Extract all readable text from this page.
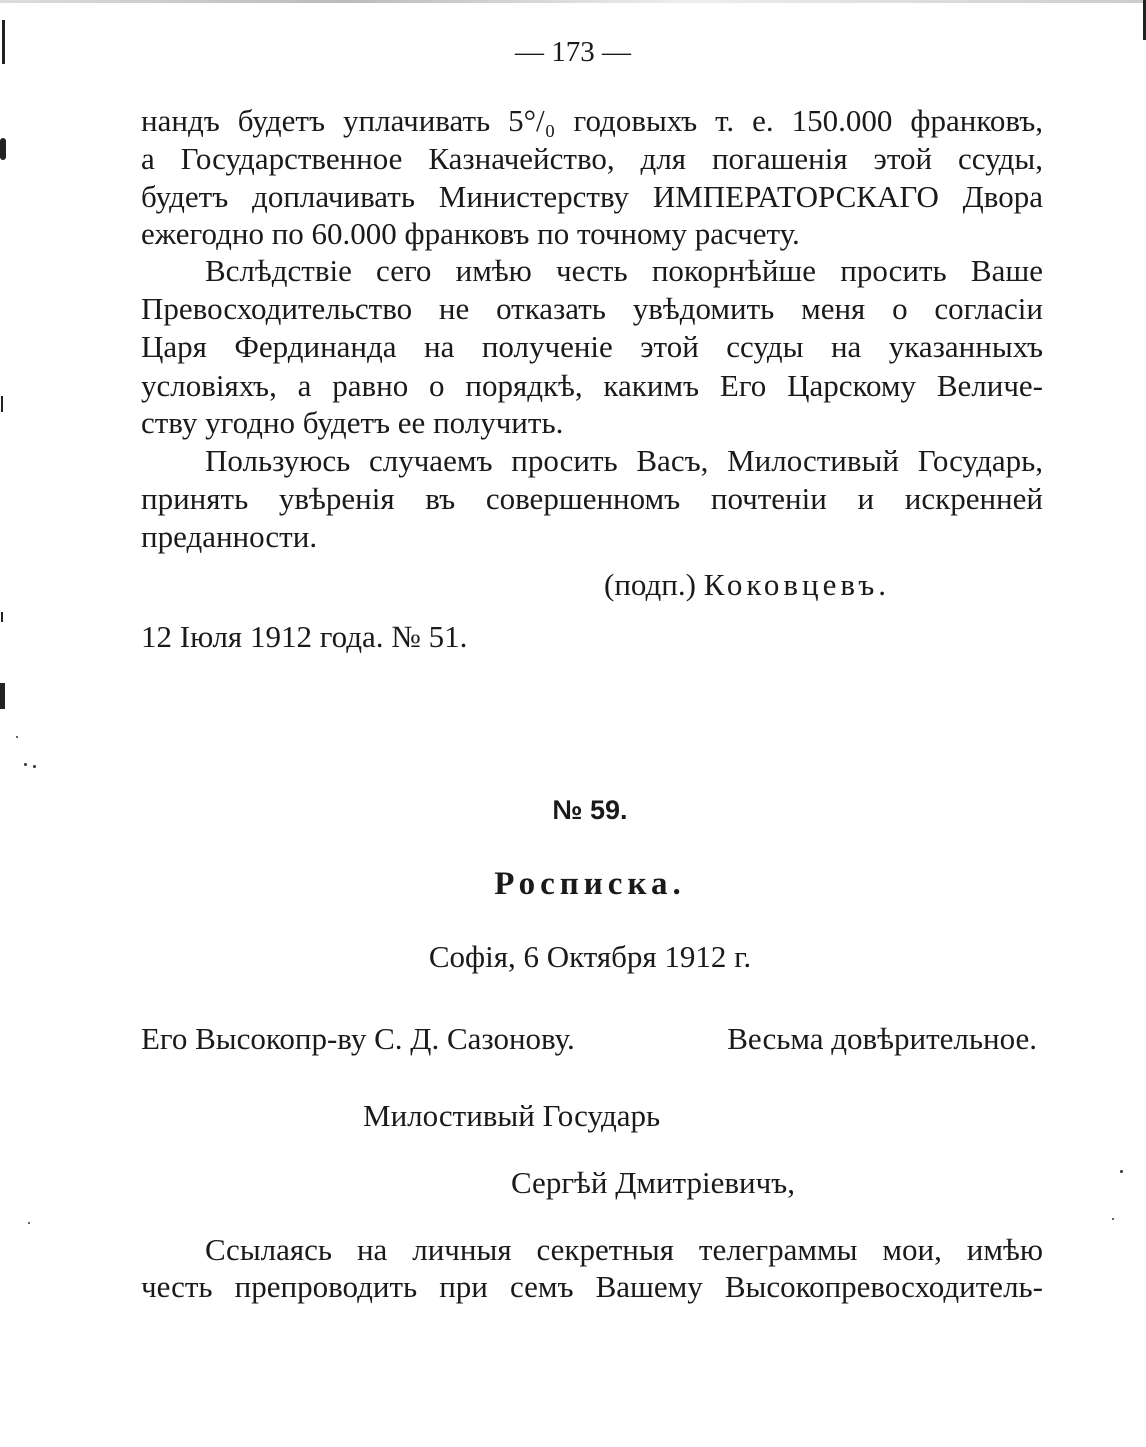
— 173 —
нандъ будетъ уплачивать 5°/₀ годовыхъ т. е. 150.000 франковъ,
а Государственное Казначейство, для погашенія этой ссуды,
будетъ доплачивать Министерству ИМПЕРАТОРСКАГО Двора
ежегодно по 60.000 франковъ по точному расчету.
Вслѣдствіе сего имѣю честь покорнѣйше просить Ваше
Превосходительство не отказать увѣдомить меня о согласіи
Царя Фердинанда на полученіе этой ссуды на указанныхъ
условіяхъ, а равно о порядкѣ, какимъ Его Царскому Величе-
ству угодно будетъ ее получить.
Пользуюсь случаемъ просить Васъ, Милостивый Государь,
принять увѣренія въ совершенномъ почтеніи и искренней
преданности.
(подп.) Коковцевъ.
12 Іюля 1912 года. № 51.
№ 59.
Росписка.
Софія, 6 Октября 1912 г.
Его Высокопр-ву С. Д. Сазонову.	Весьма довѣрительное.
Милостивый Государь
Сергѣй Дмитріевичъ,
Ссылаясь на личныя секретныя телеграммы мои, имѣю
честь препроводить при семъ Вашему Высокопревосходитель-
